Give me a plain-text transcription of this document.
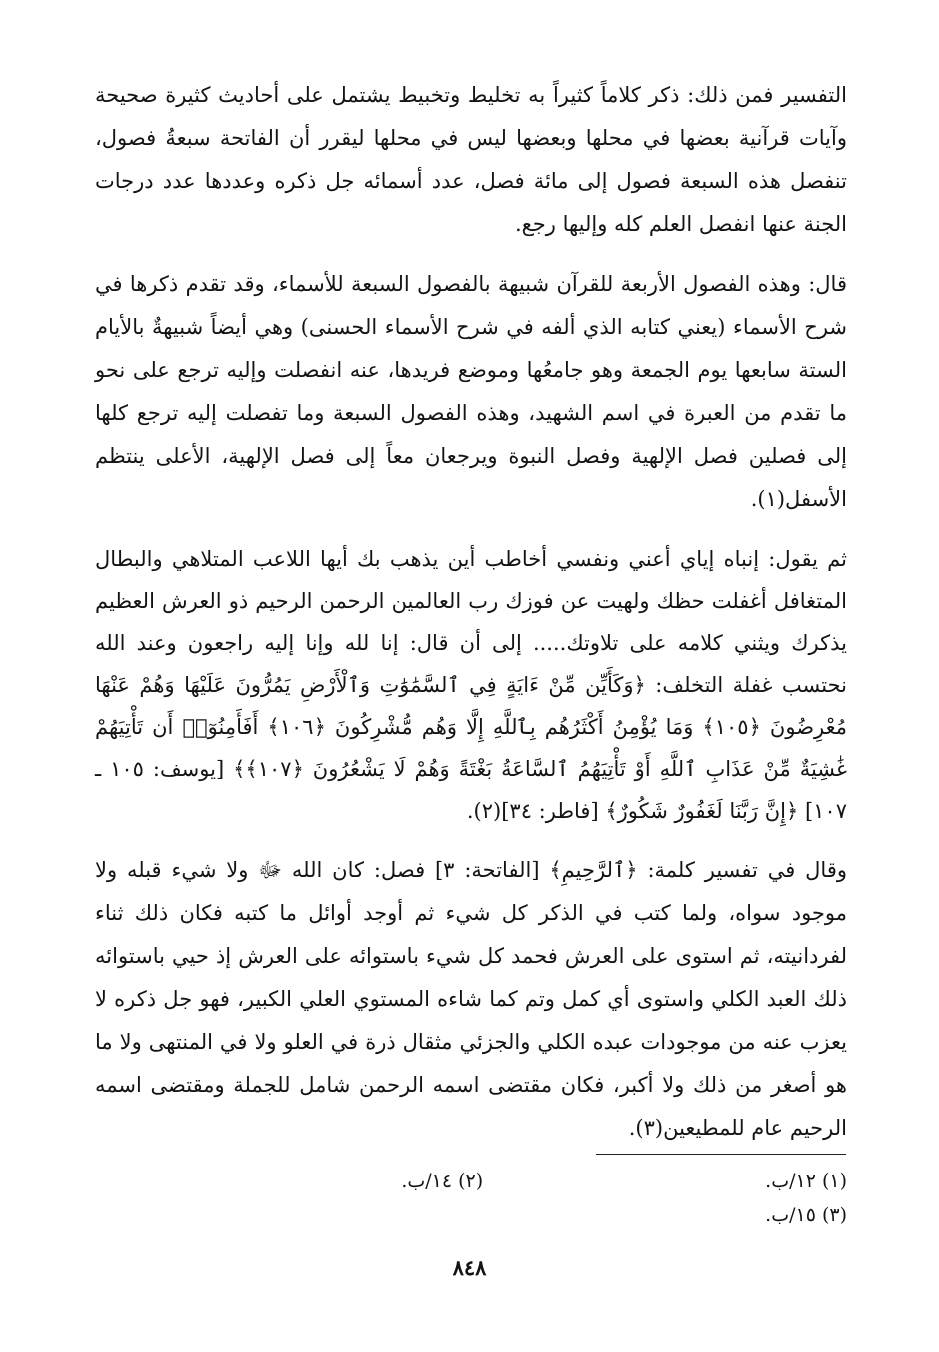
التفسير فمن ذلك: ذكر كلاماً كثيراً به تخليط وتخبيط يشتمل على أحاديث كثيرة صحيحة وآيات قرآنية بعضها في محلها وبعضها ليس في محلها ليقرر أن الفاتحة سبعةُ فصول، تنفصل هذه السبعة فصول إلى مائة فصل، عدد أسمائه جل ذكره وعددها عدد درجات الجنة عنها انفصل العلم كله وإليها رجع.

قال: وهذه الفصول الأربعة للقرآن شبيهة بالفصول السبعة للأسماء، وقد تقدم ذكرها في شرح الأسماء (يعني كتابه الذي ألفه في شرح الأسماء الحسنى) وهي أيضاً شبيهةٌ بالأيام الستة سابعها يوم الجمعة وهو جامعُها وموضع فريدها، عنه انفصلت وإليه ترجع على نحو ما تقدم من العبرة في اسم الشهيد، وهذه الفصول السبعة وما تفصلت إليه ترجع كلها إلى فصلين فصل الإلهية وفصل النبوة ويرجعان معاً إلى فصل الإلهية، الأعلى ينتظم الأسفل(١).

ثم يقول: إنباه إياي أعني ونفسي أخاطب أين يذهب بك أيها اللاعب المتلاهي والبطال المتغافل أغفلت حظك ولهيت عن فوزك رب العالمين الرحمن الرحيم ذو العرش العظيم يذكرك ويثني كلامه على تلاوتك..... إلى أن قال: إنا لله وإنا إليه راجعون وعند الله نحتسب غفلة التخلف: ﴿وَكَأَيِّن مِّنْ ءَايَةٍ فِي ٱلسَّمَٰوَٰتِ وَٱلْأَرْضِ يَمُرُّونَ عَلَيْهَا وَهُمْ عَنْهَا مُعْرِضُونَ ﴿١٠٥﴾ وَمَا يُؤْمِنُ أَكْثَرُهُم بِٱللَّهِ إِلَّا وَهُم مُّشْرِكُونَ ﴿١٠٦﴾ أَفَأَمِنُوٓا۟ أَن تَأْتِيَهُمْ غَٰشِيَةٌ مِّنْ عَذَابِ ٱللَّهِ أَوْ تَأْتِيَهُمُ ٱلسَّاعَةُ بَغْتَةً وَهُمْ لَا يَشْعُرُونَ ﴿١٠٧﴾﴾ [يوسف: ١٠٥ ـ ١٠٧] ﴿إِنَّ رَبَّنَا لَغَفُورٌ شَكُورٌ﴾ [فاطر: ٣٤](٢).

وقال في تفسير كلمة: ﴿ٱلرَّحِيمِ﴾ [الفاتحة: ٣] فصل: كان الله ﷻ ولا شيء قبله ولا موجود سواه، ولما كتب في الذكر كل شيء ثم أوجد أوائل ما كتبه فكان ذلك ثناء لفردانيته، ثم استوى على العرش فحمد كل شيء باستوائه على العرش إذ حيي باستوائه ذلك العبد الكلي واستوى أي كمل وتم كما شاءه المستوي العلي الكبير، فهو جل ذكره لا يعزب عنه من موجودات عبده الكلي والجزئي مثقال ذرة في العلو ولا في المنتهى ولا ما هو أصغر من ذلك ولا أكبر، فكان مقتضى اسمه الرحمن شامل للجملة ومقتضى اسمه الرحيم عام للمطيعين(٣).

(١) ١٢/ب.
(٢) ١٤/ب.
(٣) ١٥/ب.
٨٤٨
